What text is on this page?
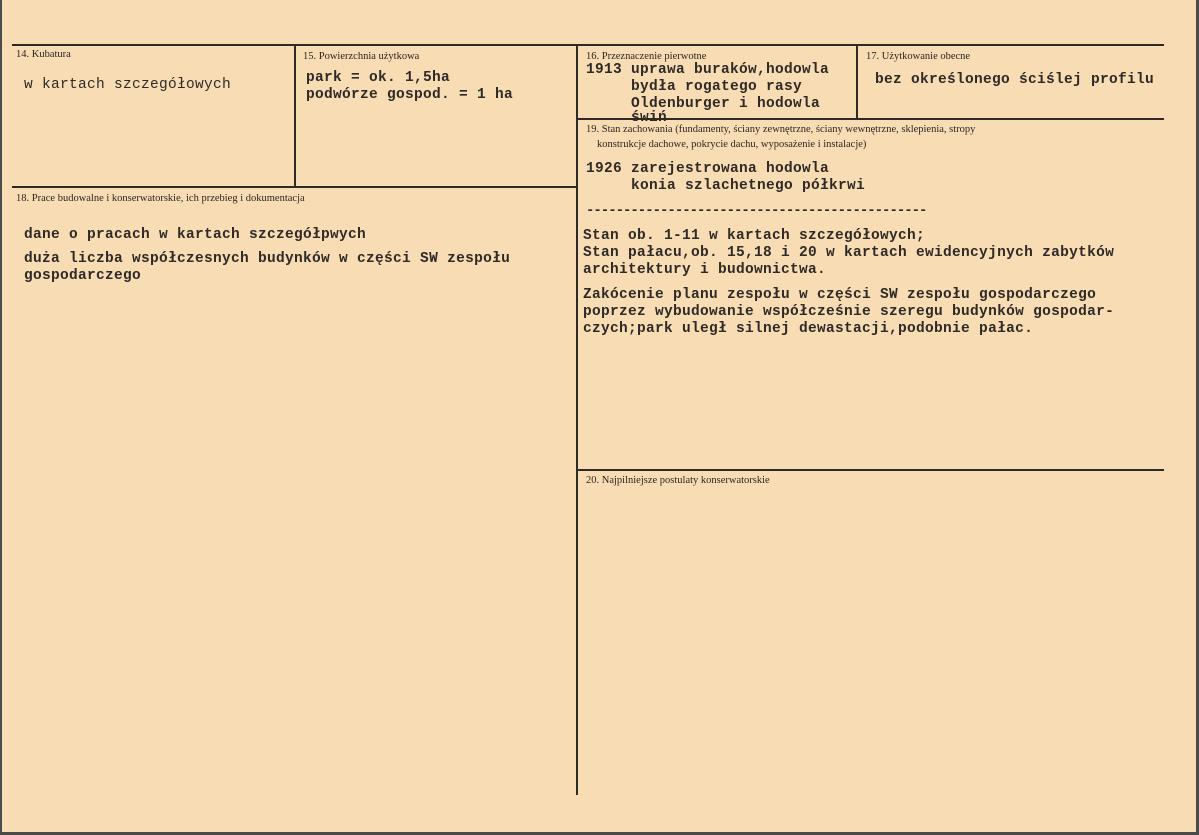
14. Kubatura
w kartach szczegółowych
15. Powierzchnia użytkowa
park = ok. 1,5ha
podwórze gospod. = 1 ha
16. Przeznaczenie pierwotne
1913 uprawa buraków,hodowla
bydła rogatego rasy
Oldenburger i hodowla
świń
17. Użytkowanie obecne
bez określonego ściślej profilu
19. Stan zachowania (fundamenty, ściany zewnętrzne, ściany wewnętrzne, sklepienia, stropy
konstrukcje dachowe, pokrycie dachu, wyposażenie i instalacje)
1926 zarejestrowana hodowla
konia szlachetnego półkrwi
----------------------------------------------
Stan ob. 1-11 w kartach szczegółowych;
Stan pałacu,ob. 15,18 i 20 w kartach ewidencyjnych zabytków
architektury i budownictwa.
Zakócenie planu zespołu w części SW zespołu gospodarczego
poprzez wybudowanie współcześnie szeregu budynków gospodar-
czych;park uległ silnej dewastacji,podobnie pałac.
18. Prace budowalne i konserwatorskie, ich przebieg i dokumentacja
dane o pracach w kartach szczegółpwych
duża liczba współczesnych budynków w części SW zespołu
gospodarczego
20. Najpilniejsze postulaty konserwatorskie
